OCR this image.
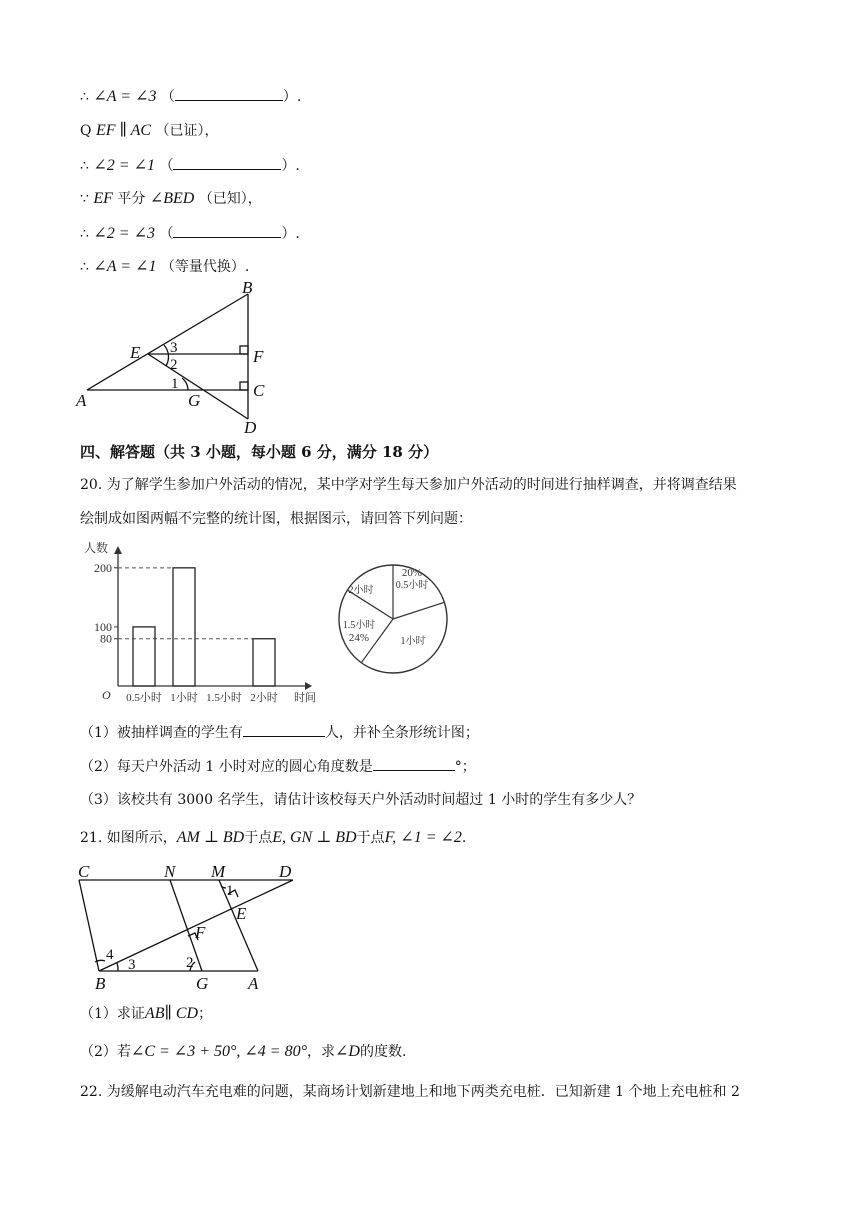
∴ ∠A = ∠3 （	）.
Q EF ∥ AC （已证），
∴ ∠2 = ∠1 （	）.
∵ EF 平分 ∠BED （已知），
∴ ∠2 = ∠3 （	）.
∴ ∠A = ∠1 （等量代换）.
B
E	F
C
A	G
D
3
2
1
四、解答题（共 3 小题，每小题 6 分，满分 18 分）
20. 为了解学生参加户外活动的情况，某中学对学生每天参加户外活动的时间进行抽样调查，并将调查结果
绘制成如图两幅不完整的统计图，根据图示，请回答下列问题：
人数
时间
O
80
100
200
0.5小时 1小时 1.5小时 2小时
0.5小时
20%
1小时
1.5小时
24%
2小时
（1）被抽样调查的学生有	人，并补全条形统计图；
（2）每天户外活动 1 小时对应的圆心角度数是	°；
（3）该校共有 3000 名学生，请估计该校每天户外活动时间超过 1 小时的学生有多少人？
21. 如图所示，AM ⊥ BD于点E, GN ⊥ BD于点F, ∠1 = ∠2.
C	N M	D
E
F
B	G A
1
2
3
4
（1）求证AB∥ CD；
（2）若∠C = ∠3 + 50°, ∠4 = 80°，求∠D的度数.
22. 为缓解电动汽车充电难的问题，某商场计划新建地上和地下两类充电桩．已知新建 1 个地上充电桩和 2
